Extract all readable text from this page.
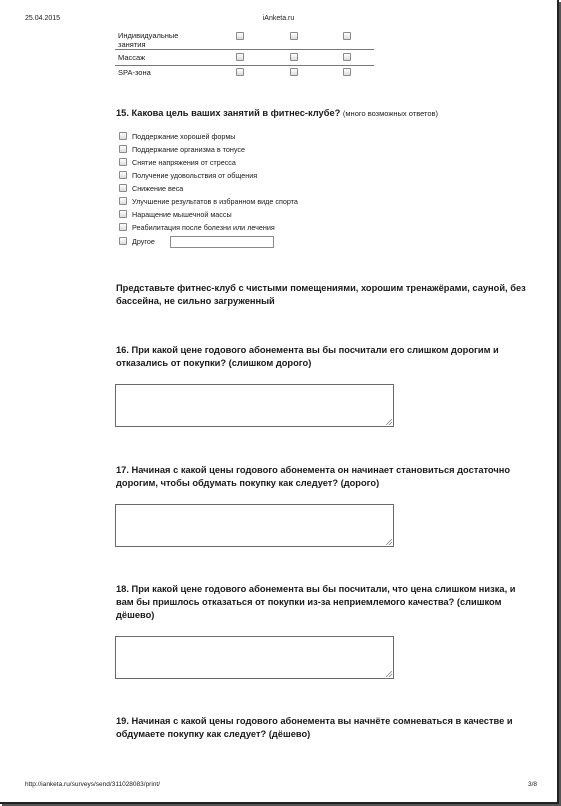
25.04.2015	iAnketa.ru
Индивидуальные занятия
Массаж
SPA-зона
15. Какова цель ваших занятий в фитнес-клубе? (много возможных ответов)
Поддержание хорошей формы
Поддержание организма в тонусе
Снятие напряжения от стресса
Получение удовольствия от общения
Снижение веса
Улучшение результатов в избранном виде спорта
Наращение мышечной массы
Реабилитация после болезни или лечения
Другое
Представьте фитнес-клуб с чистыми помещениями, хорошим тренажёрами, сауной, без бассейна, не сильно загруженный
16. При какой цене годового абонемента вы бы посчитали его слишком дорогим и отказались от покупки? (слишком дорого)
17. Начиная с какой цены годового абонемента он начинает становиться достаточно дорогим, чтобы обдумать покупку как следует? (дорого)
18. При какой цене годового абонемента вы бы посчитали, что цена слишком низка, и вам бы пришлось отказаться от покупки из-за неприемлемого качества? (слишком дёшево)
19. Начиная с какой цены годового абонемента вы начнёте сомневаться в качестве и обдумаете покупку как следует? (дёшево)
http://ianketa.ru/surveys/send/311028083/print/	3/8
